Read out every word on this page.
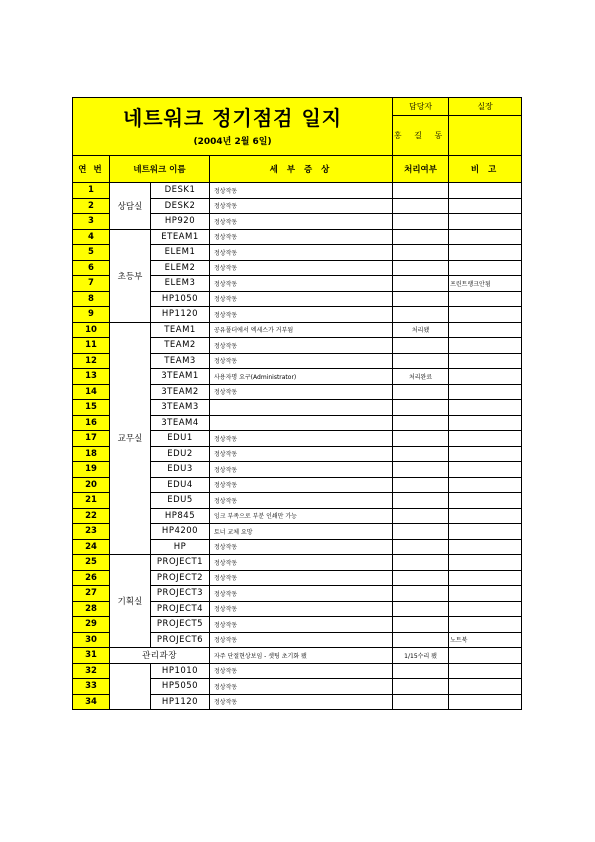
네트워크 정기점검 일지
(2004년 2월 6일)				담당자	실장
				홍 길 동	
연 번	네트워크 이름		세 부 증 상	처리여부	비 고
1	상담실	DESK1	정상작동		
2		DESK2	정상작동		
3		HP920	정상작동		
4	초등부	ETEAM1	정상작동		
5		ELEM1	정상작동		
6		ELEM2	정상작동		
7		ELEM3	정상작동		프린트랭크안됨
8		HP1050	정상작동		
9		HP1120	정상작동		
10	교무실	TEAM1	공유폴더에서 엑세스가 거부됨	처리됐	
11		TEAM2	정상작동		
12		TEAM3	정상작동		
13		3TEAM1	사용자명 요구(Administrator)	처리완료	
14		3TEAM2	정상작동		
15		3TEAM3			
16		3TEAM4			
17		EDU1	정상작동		
18		EDU2	정상작동		
19		EDU3	정상작동		
20		EDU4	정상작동		
21		EDU5	정상작동		
22		HP845	잉크 부족으로 부분 인쇄만 가능		
23		HP4200	토너 교체 요망		
24		HP	정상작동		
25	기획실	PROJECT1	정상작동		
26		PROJECT2	정상작동		
27		PROJECT3	정상작동		
28		PROJECT4	정상작동		
29		PROJECT5	정상작동		
30		PROJECT6	정상작동		노트북
31	관리과장		자주 단절현상보임 - 셋팅 초기화 됐	1/15수리 됐	
32		HP1010	정상작동		
33		HP5050	정상작동		
34		HP1120	정상작동		
